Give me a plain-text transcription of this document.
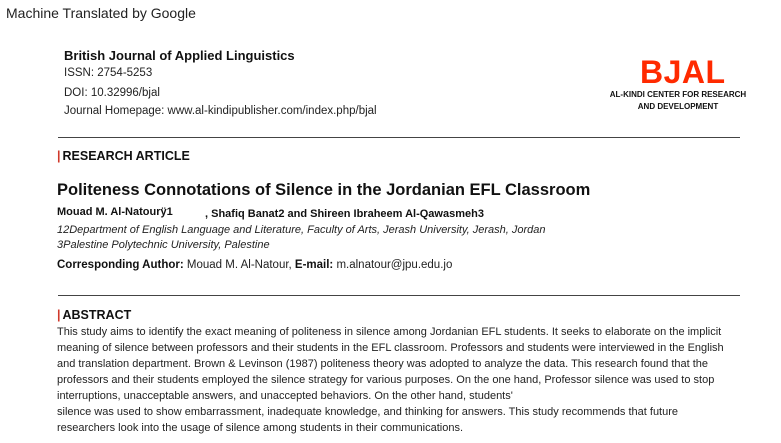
Machine Translated by Google
British Journal of Applied Linguistics
ISSN: 2754-5253
DOI: 10.32996/bjal
Journal Homepage: www.al-kindipublisher.com/index.php/bjal
BJAL
AL-KINDI CENTER FOR RESEARCH
AND DEVELOPMENT
| RESEARCH ARTICLE
Politeness Connotations of Silence in the Jordanian EFL Classroom
Mouad M. Al-Natourÿ1	, Shafiq Banat2 and Shireen Ibraheem Al-Qawasmeh3
12Department of English Language and Literature, Faculty of Arts, Jerash University, Jerash, Jordan
3Palestine Polytechnic University, Palestine
Corresponding Author: Mouad M. Al-Natour, E-mail: m.alnatour@jpu.edu.jo
| ABSTRACT
This study aims to identify the exact meaning of politeness in silence among Jordanian EFL students. It seeks to elaborate on the implicit
meaning of silence between professors and their students in the EFL classroom. Professors and students were interviewed in the English
and translation department. Brown & Levinson (1987) politeness theory was adopted to analyze the data. This research found that the
professors and their students employed the silence strategy for various purposes. On the one hand, Professor silence was used to stop
interruptions, unacceptable answers, and unaccepted behaviors. On the other hand, students'
silence was used to show embarrassment, inadequate knowledge, and thinking for answers. This study recommends that future
researchers look into the usage of silence among students in their communications.
